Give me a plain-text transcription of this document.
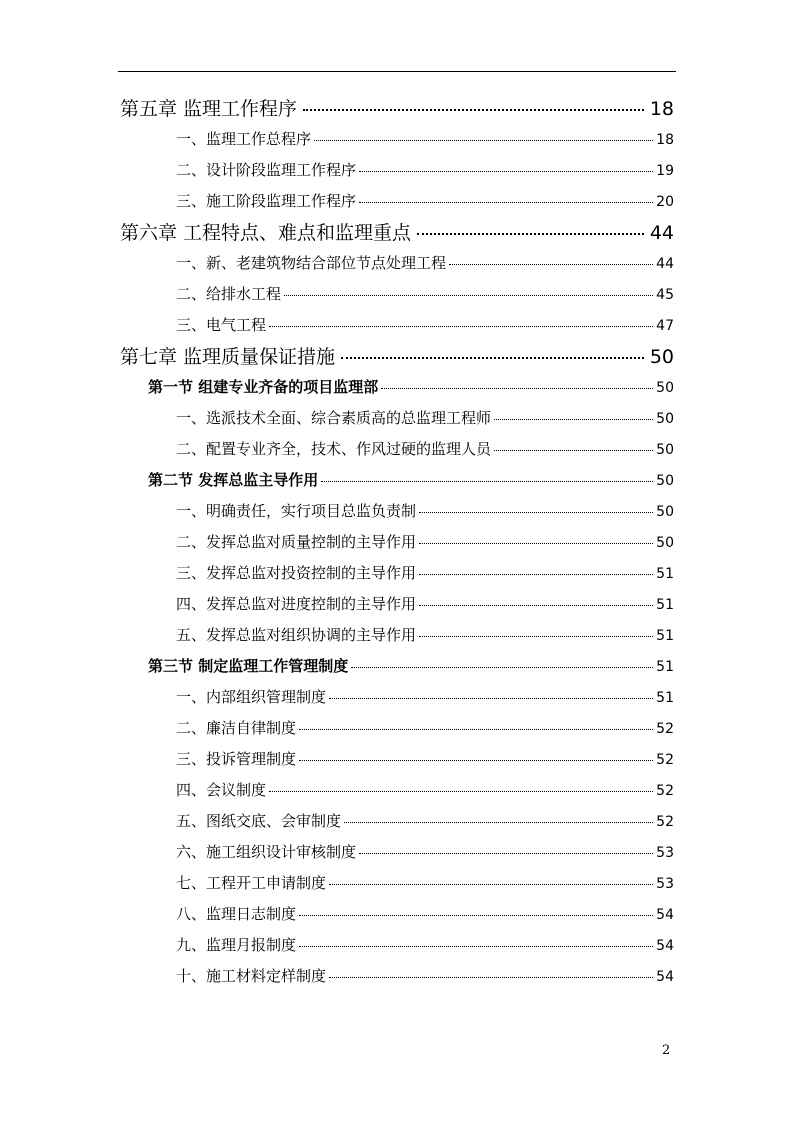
第五章 监理工作程序	18
一、监理工作总程序	18
二、设计阶段监理工作程序	19
三、施工阶段监理工作程序	20
第六章 工程特点、难点和监理重点	44
一、新、老建筑物结合部位节点处理工程	44
二、给排水工程	45
三、电气工程	47
第七章 监理质量保证措施	50
第一节 组建专业齐备的项目监理部	50
一、选派技术全面、综合素质高的总监理工程师	50
二、配置专业齐全，技术、作风过硬的监理人员	50
第二节 发挥总监主导作用	50
一、明确责任，实行项目总监负责制	50
二、发挥总监对质量控制的主导作用	50
三、发挥总监对投资控制的主导作用	51
四、发挥总监对进度控制的主导作用	51
五、发挥总监对组织协调的主导作用	51
第三节 制定监理工作管理制度	51
一、内部组织管理制度	51
二、廉洁自律制度	52
三、投诉管理制度	52
四、会议制度	52
五、图纸交底、会审制度	52
六、施工组织设计审核制度	53
七、工程开工申请制度	53
八、监理日志制度	54
九、监理月报制度	54
十、施工材料定样制度	54
2
